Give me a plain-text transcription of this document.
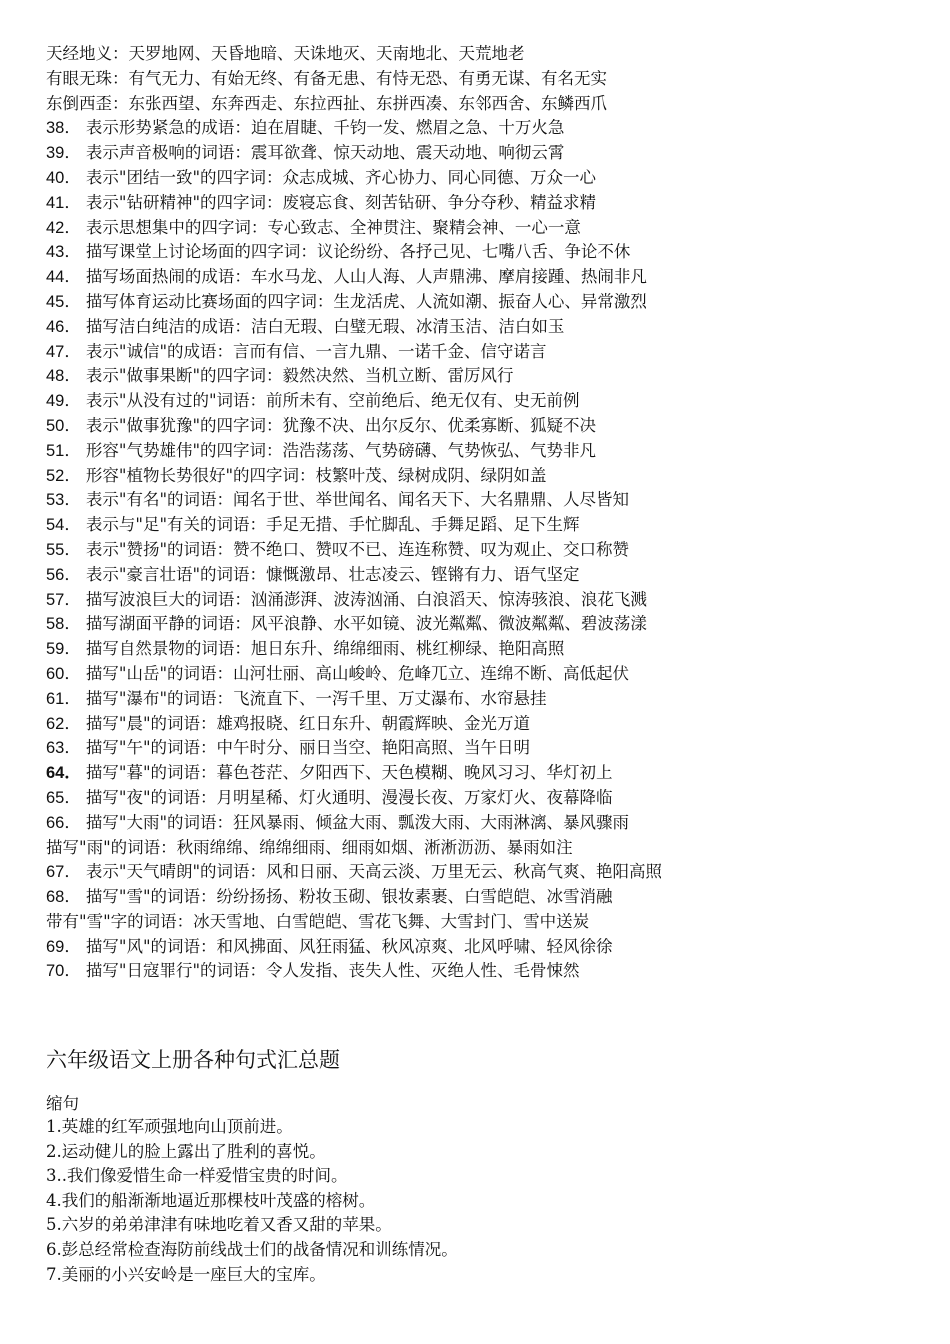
天经地义：天罗地网、天昏地暗、天诛地灭、天南地北、天荒地老
有眼无珠：有气无力、有始无终、有备无患、有恃无恐、有勇无谋、有名无实
东倒西歪：东张西望、东奔西走、东拉西扯、东拼西凑、东邻西舍、东鳞西爪
38． 表示形势紧急的成语：迫在眉睫、千钧一发、燃眉之急、十万火急
39． 表示声音极响的词语：震耳欲聋、惊天动地、震天动地、响彻云霄
40． 表示"团结一致"的四字词：众志成城、齐心协力、同心同德、万众一心
41． 表示"钻研精神"的四字词：废寝忘食、刻苦钻研、争分夺秒、精益求精
42． 表示思想集中的四字词：专心致志、全神贯注、聚精会神、一心一意
43． 描写课堂上讨论场面的四字词：议论纷纷、各抒己见、七嘴八舌、争论不休
44． 描写场面热闹的成语：车水马龙、人山人海、人声鼎沸、摩肩接踵、热闹非凡
45． 描写体育运动比赛场面的四字词：生龙活虎、人流如潮、振奋人心、异常激烈
46． 描写洁白纯洁的成语：洁白无瑕、白璧无瑕、冰清玉洁、洁白如玉
47． 表示"诚信"的成语：言而有信、一言九鼎、一诺千金、信守诺言
48． 表示"做事果断"的四字词：毅然决然、当机立断、雷厉风行
49． 表示"从没有过的"词语：前所未有、空前绝后、绝无仅有、史无前例
50． 表示"做事犹豫"的四字词：犹豫不决、出尔反尔、优柔寡断、狐疑不决
51． 形容"气势雄伟"的四字词：浩浩荡荡、气势磅礴、气势恢弘、气势非凡
52． 形容"植物长势很好"的四字词：枝繁叶茂、绿树成阴、绿阴如盖
53． 表示"有名"的词语：闻名于世、举世闻名、闻名天下、大名鼎鼎、人尽皆知
54． 表示与"足"有关的词语：手足无措、手忙脚乱、手舞足蹈、足下生辉
55． 表示"赞扬"的词语：赞不绝口、赞叹不已、连连称赞、叹为观止、交口称赞
56． 表示"豪言壮语"的词语：慷慨激昂、壮志凌云、铿锵有力、语气坚定
57． 描写波浪巨大的词语：汹涌澎湃、波涛汹涌、白浪滔天、惊涛骇浪、浪花飞溅
58． 描写湖面平静的词语：风平浪静、水平如镜、波光粼粼、微波粼粼、碧波荡漾
59． 描写自然景物的词语：旭日东升、绵绵细雨、桃红柳绿、艳阳高照
60． 描写"山岳"的词语：山河壮丽、高山峻岭、危峰兀立、连绵不断、高低起伏
61． 描写"瀑布"的词语：飞流直下、一泻千里、万丈瀑布、水帘悬挂
62． 描写"晨"的词语：雄鸡报晓、红日东升、朝霞辉映、金光万道
63． 描写"午"的词语：中午时分、丽日当空、艳阳高照、当午日明
64． 描写"暮"的词语：暮色苍茫、夕阳西下、天色模糊、晚风习习、华灯初上
65． 描写"夜"的词语：月明星稀、灯火通明、漫漫长夜、万家灯火、夜幕降临
66． 描写"大雨"的词语：狂风暴雨、倾盆大雨、瓢泼大雨、大雨淋漓、暴风骤雨
描写"雨"的词语：秋雨绵绵、绵绵细雨、细雨如烟、淅淅沥沥、暴雨如注
67． 表示"天气晴朗"的词语：风和日丽、天高云淡、万里无云、秋高气爽、艳阳高照
68． 描写"雪"的词语：纷纷扬扬、粉妆玉砌、银妆素裹、白雪皑皑、冰雪消融
带有"雪"字的词语：冰天雪地、白雪皑皑、雪花飞舞、大雪封门、雪中送炭
69． 描写"风"的词语：和风拂面、风狂雨猛、秋风凉爽、北风呼啸、轻风徐徐
70． 描写"日寇罪行"的词语：令人发指、丧失人性、灭绝人性、毛骨悚然
六年级语文上册各种句式汇总题
缩句
1.英雄的红军顽强地向山顶前进。
2.运动健儿的脸上露出了胜利的喜悦。
3..我们像爱惜生命一样爱惜宝贵的时间。
4.我们的船渐渐地逼近那棵枝叶茂盛的榕树。
5.六岁的弟弟津津有味地吃着又香又甜的苹果。
6.彭总经常检查海防前线战士们的战备情况和训练情况。
7.美丽的小兴安岭是一座巨大的宝库。
